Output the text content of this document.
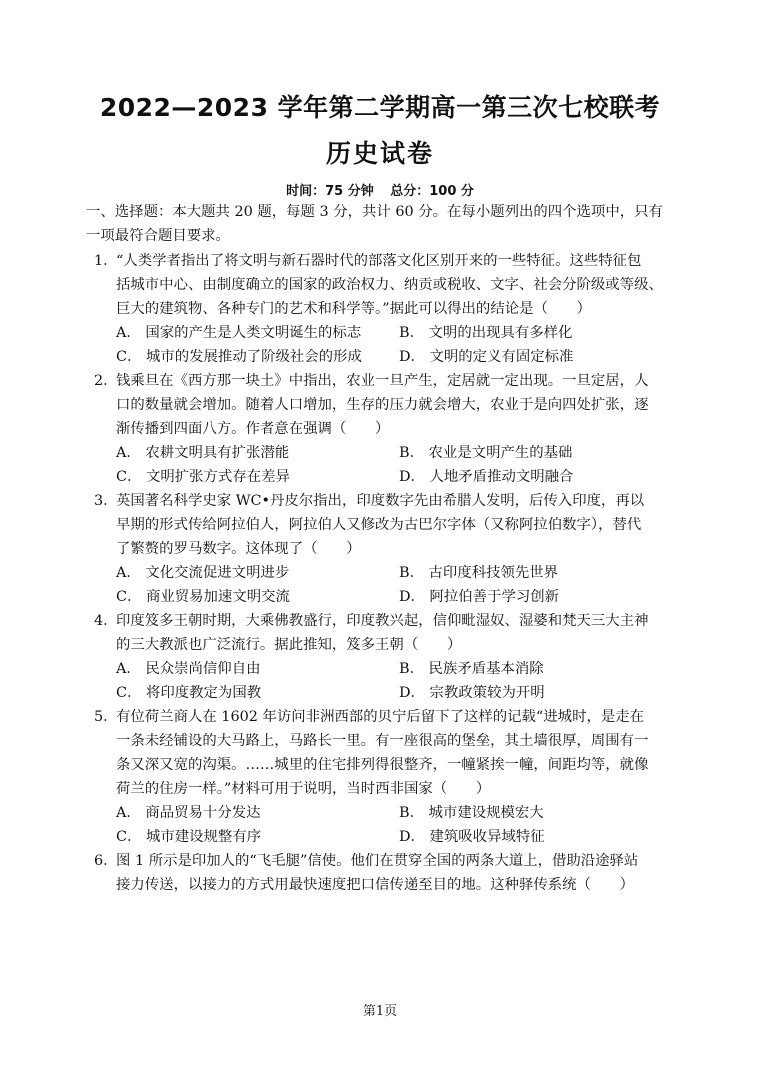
2022—2023 学年第二学期高一第三次七校联考
历史试卷
时间：75 分钟 总分：100 分
一、选择题：本大题共 20 题，每题 3 分，共计 60 分。在每小题列出的四个选项中，只有
一项最符合题目要求。
1．
“人类学者指出了将文明与新石器时代的部落文化区别开来的一些特征。这些特征包
括城市中心、由制度确立的国家的政治权力、纳贡或税收、文字、社会分阶级或等级、
巨大的建筑物、各种专门的艺术和科学等。”据此可以得出的结论是（　　）
A． 国家的产生是人类文明诞生的标志	B． 文明的出现具有多样化
C． 城市的发展推动了阶级社会的形成	D． 文明的定义有固定标准
2．
钱乘旦在《西方那一块土》中指出，农业一旦产生，定居就一定出现。一旦定居，人
口的数量就会增加。随着人口增加，生存的压力就会增大，农业于是向四处扩张，逐
渐传播到四面八方。作者意在强调（　　）
A． 农耕文明具有扩张潜能	B． 农业是文明产生的基础
C． 文明扩张方式存在差异	D． 人地矛盾推动文明融合
3．
英国著名科学史家 WC•丹皮尔指出，印度数字先由希腊人发明，后传入印度，再以
早期的形式传给阿拉伯人，阿拉伯人又修改为古巴尔字体（又称阿拉伯数字），替代
了繁赘的罗马数字。这体现了（　　）
A． 文化交流促进文明进步	B． 古印度科技领先世界
C． 商业贸易加速文明交流	D． 阿拉伯善于学习创新
4．
印度笈多王朝时期，大乘佛教盛行，印度教兴起，信仰毗湿奴、湿婆和梵天三大主神
的三大教派也广泛流行。据此推知，笈多王朝（　　）
A． 民众崇尚信仰自由	B． 民族矛盾基本消除
C． 将印度教定为国教	D． 宗教政策较为开明
5．
有位荷兰商人在 1602 年访问非洲西部的贝宁后留下了这样的记载“进城时，是走在
一条未经铺设的大马路上，马路长一里。有一座很高的堡垒，其土墙很厚，周围有一
条又深又宽的沟渠。……城里的住宅排列得很整齐，一幢紧挨一幢，间距均等，就像
荷兰的住房一样。”材料可用于说明，当时西非国家（　　）
A． 商品贸易十分发达	B． 城市建设规模宏大
C． 城市建设规整有序	D． 建筑吸收异域特征
6．
图 1 所示是印加人的“飞毛腿”信使。他们在贯穿全国的两条大道上，借助沿途驿站
接力传送，以接力的方式用最快速度把口信传递至目的地。这种驿传系统（　　）
第1页
